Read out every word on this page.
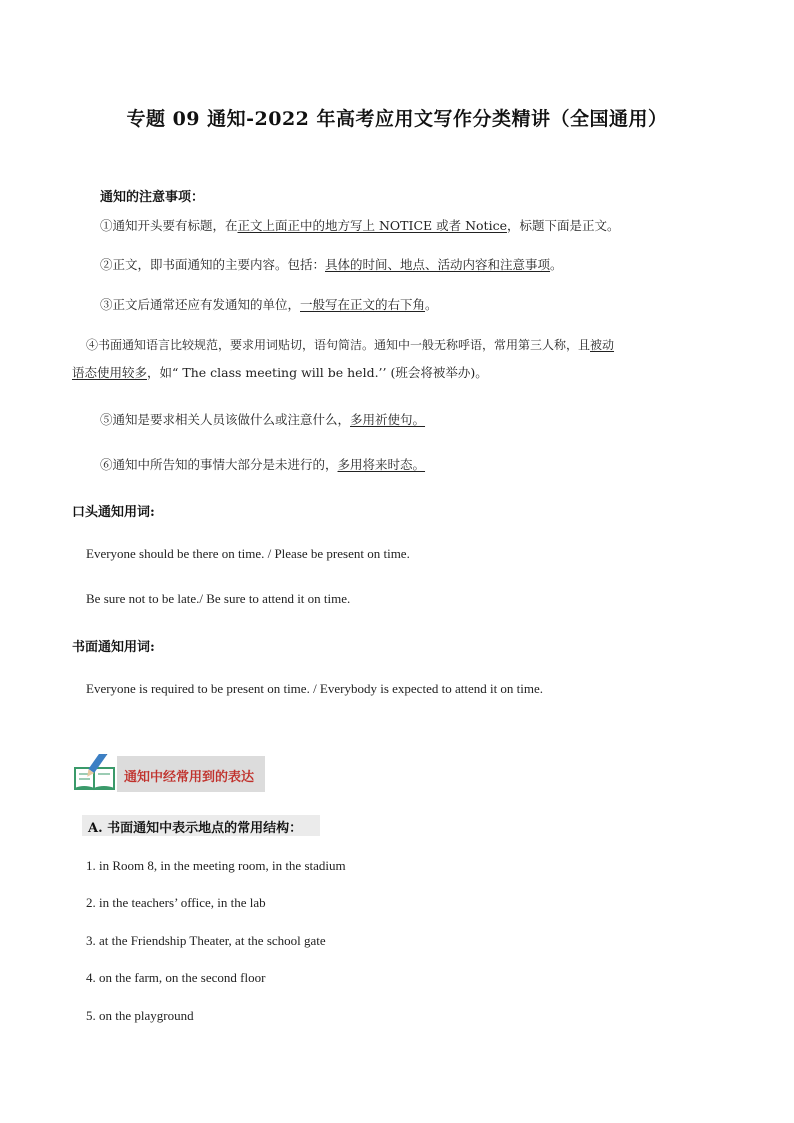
专题 09 通知-2022 年高考应用文写作分类精讲（全国通用）
通知的注意事项：
①通知开头要有标题，在正文上面正中的地方写上 NOTICE 或者 Notice，标题下面是正文。
②正文，即书面通知的主要内容。包括：具体的时间、地点、活动内容和注意事项。
③正文后通常还应有发通知的单位，一般写在正文的右下角。
④书面通知语言比较规范，要求用词贴切，语句简洁。通知中一般无称呼语，常用第三人称，且被动
语态使用较多，如“ The class meeting will be held.’’ (班会将被举办)。
⑤通知是要求相关人员该做什么或注意什么，多用祈使句。
⑥通知中所告知的事情大部分是未进行的，多用将来时态。
口头通知用词:
Everyone should be there on time. / Please be present on time.
Be sure not to be late./ Be sure to attend it on time.
书面通知用词:
Everyone is required to be present on time. / Everybody is expected to attend it on time.
通知中经常用到的表达
A. 书面通知中表示地点的常用结构：
1. in Room 8, in the meeting room, in the stadium
2. in the teachers’ office, in the lab
3. at the Friendship Theater, at the school gate
4. on the farm, on the second floor
5. on the playground
